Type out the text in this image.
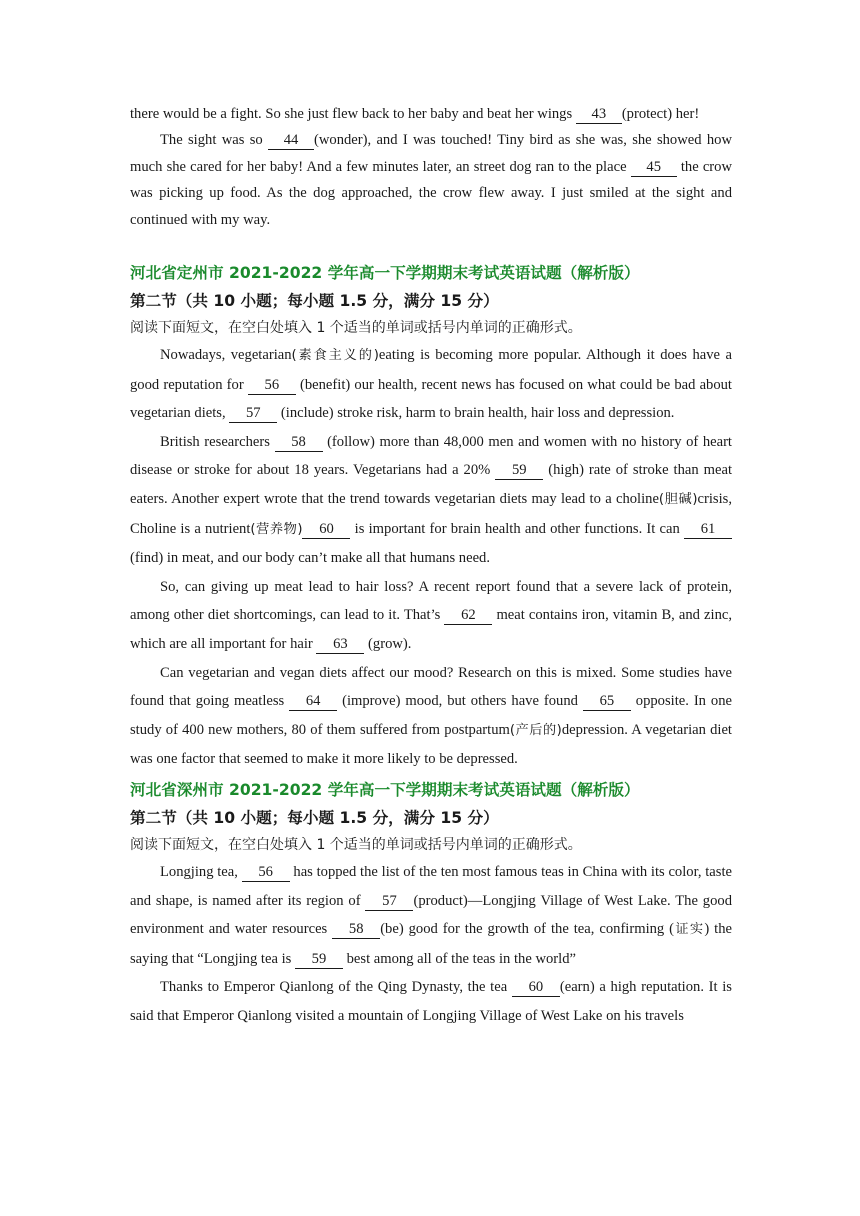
there would be a fight. So she just flew back to her baby and beat her wings 43 (protect) her!

The sight was so 44 (wonder), and I was touched! Tiny bird as she was, she showed how much she cared for her baby! And a few minutes later, an street dog ran to the place 45 the crow was picking up food. As the dog approached, the crow flew away. I just smiled at the sight and continued with my way.

河北省定州市 2021-2022 学年高一下学期期末考试英语试题（解析版）

第二节（共 10 小题；每小题 1.5 分，满分 15 分）

阅读下面短文，在空白处填入 1 个适当的单词或括号内单词的正确形式。

Nowadays, vegetarian(素食主义的)eating is becoming more popular. Although it does have a good reputation for 56 (benefit) our health, recent news has focused on what could be bad about vegetarian diets, 57 (include) stroke risk, harm to brain health, hair loss and depression.

British researchers 58 (follow) more than 48,000 men and women with no history of heart disease or stroke for about 18 years. Vegetarians had a 20% 59 (high) rate of stroke than meat eaters. Another expert wrote that the trend towards vegetarian diets may lead to a choline(胆碱)crisis, Choline is a nutrient(营养物) 60 is important for brain health and other functions. It can 61 (find) in meat, and our body can’t make all that humans need.

So, can giving up meat lead to hair loss? A recent report found that a severe lack of protein, among other diet shortcomings, can lead to it. That’s 62 meat contains iron, vitamin B, and zinc, which are all important for hair 63 (grow).

Can vegetarian and vegan diets affect our mood? Research on this is mixed. Some studies have found that going meatless 64 (improve) mood, but others have found 65 opposite. In one study of 400 new mothers, 80 of them suffered from postpartum(产后的)depression. A vegetarian diet was one factor that seemed to make it more likely to be depressed.

河北省深州市 2021-2022 学年高一下学期期末考试英语试题（解析版）

第二节（共 10 小题；每小题 1.5 分，满分 15 分）

阅读下面短文，在空白处填入 1 个适当的单词或括号内单词的正确形式。

Longjing tea, 56 has topped the list of the ten most famous teas in China with its color, taste and shape, is named after its region of 57 (product)—Longjing Village of West Lake. The good environment and water resources 58 (be) good for the growth of the tea, confirming (证实) the saying that “Longjing tea is 59 best among all of the teas in the world”

Thanks to Emperor Qianlong of the Qing Dynasty, the tea 60 (earn) a high reputation. It is said that Emperor Qianlong visited a mountain of Longjing Village of West Lake on his travels
